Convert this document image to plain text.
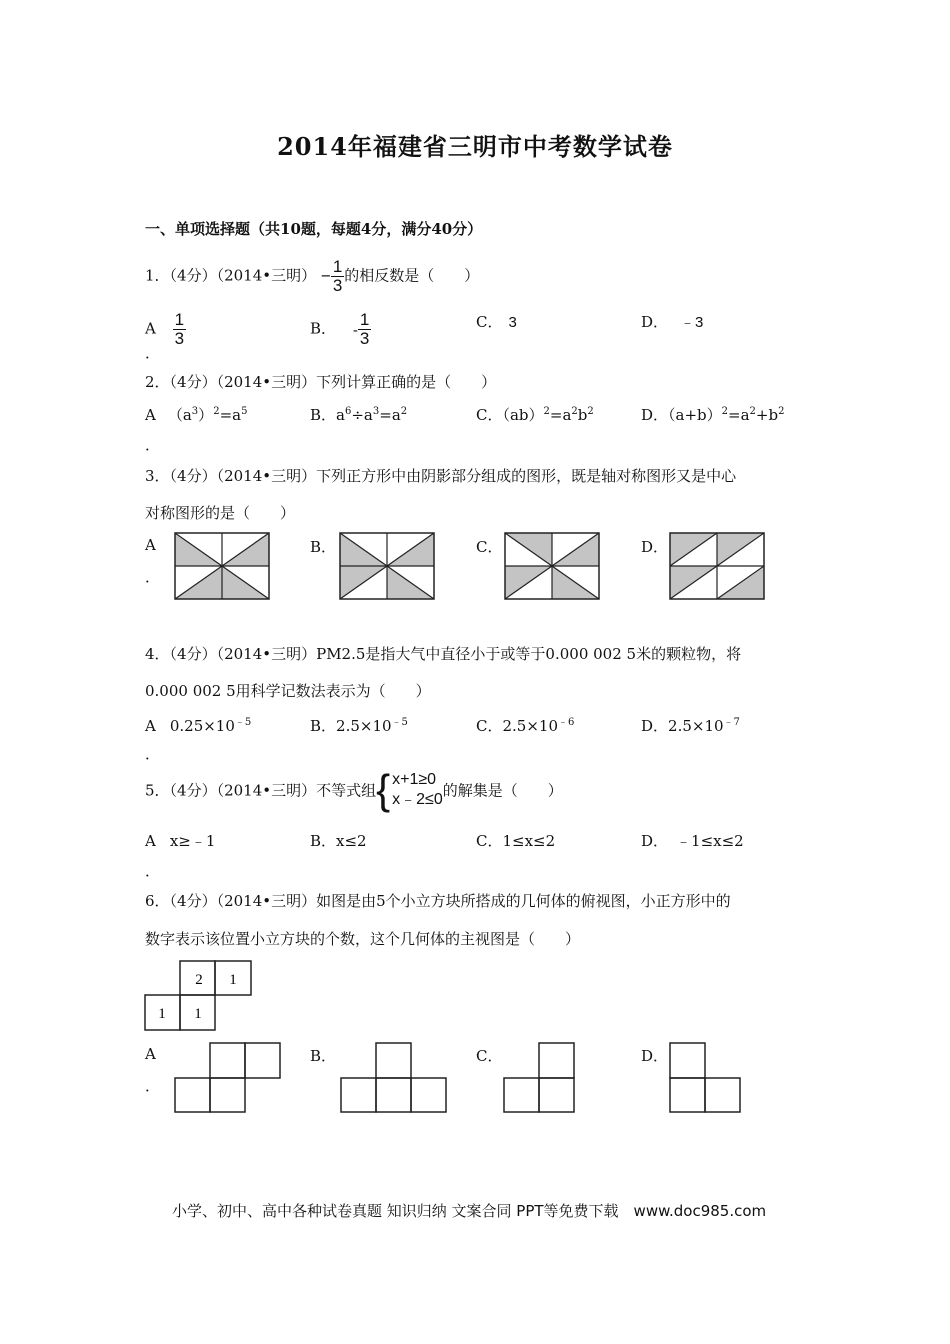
2014年福建省三明市中考数学试卷
一、单项选择题（共10题，每题4分，满分40分）
1．（4分）（2014•三明） − $\frac{1}{3}$ 的相反数是（　　）
A $\frac{1}{3}$
．
B． - $\frac{1}{3}$	C． 3	D． ﹣3
2．（4分）（2014•三明）下列计算正确的是（　　）
A $(a^3)^2=a^5$
．
B．$a^6\div a^3=a^2$	C．$(ab)^2=a^2b^2$	D．$(a+b)^2=a^2+b^2$
3．（4分）（2014•三明）下列正方形中由阴影部分组成的图形，既是轴对称图形又是中心
对称图形的是（　　）
A
．
B．	C．	D．
4．（4分）（2014•三明）PM2.5是指大气中直径小于或等于0.000 002 5米的颗粒物，将
0.000 002 5用科学记数法表示为（　　）
A $0.25\times 10^{﹣5}$
．
B．$2.5\times 10^{﹣5}$	C．$2.5\times 10^{﹣6}$	D．$2.5\times 10^{﹣7}$
5．（4分）（2014•三明）不等式组 { x+1≥0
x﹣2≤0 的解集是（　　）
A x≥﹣1
．
B．x≤2	C．1≤x≤2	D． ﹣1≤x≤2
6．（4分）（2014•三明）如图是由5个小立方块所搭成的几何体的俯视图，小正方形中的
数字表示该位置小立方块的个数，这个几何体的主视图是（　　）
2 1
1 1
A
．
B．	C．	D．
小学、初中、高中各种试卷真题 知识归纳 文案合同 PPT等免费下载　www.doc985.com
